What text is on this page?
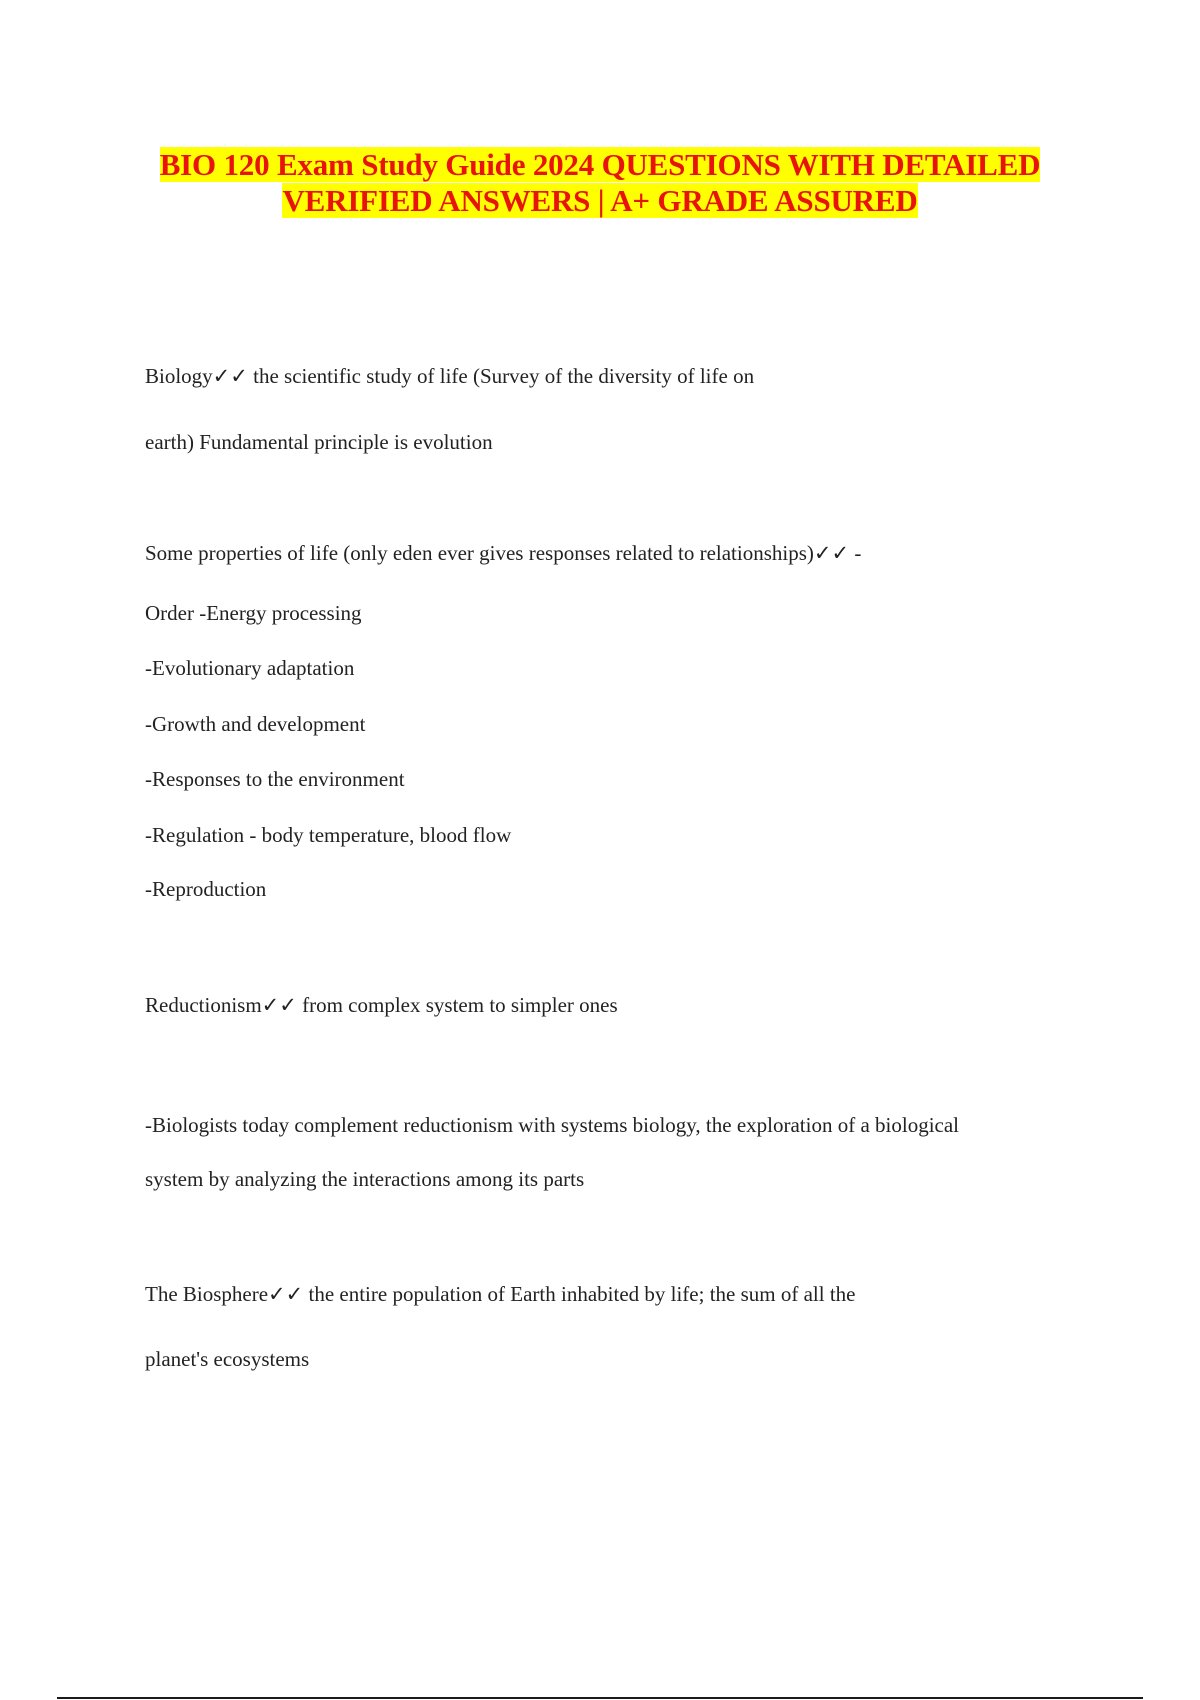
BIO 120 Exam Study Guide 2024 QUESTIONS WITH DETAILED
VERIFIED ANSWERS | A+ GRADE ASSURED
Biology✓✓ the scientific study of life (Survey of the diversity of life on
earth) Fundamental principle is evolution
Some properties of life (only eden ever gives responses related to relationships)✓✓ -
Order -Energy processing
-Evolutionary adaptation
-Growth and development
-Responses to the environment
-Regulation - body temperature, blood flow
-Reproduction
Reductionism✓✓ from complex system to simpler ones
-Biologists today complement reductionism with systems biology, the exploration of a biological
system by analyzing the interactions among its parts
The Biosphere✓✓ the entire population of Earth inhabited by life; the sum of all the
planet's ecosystems
